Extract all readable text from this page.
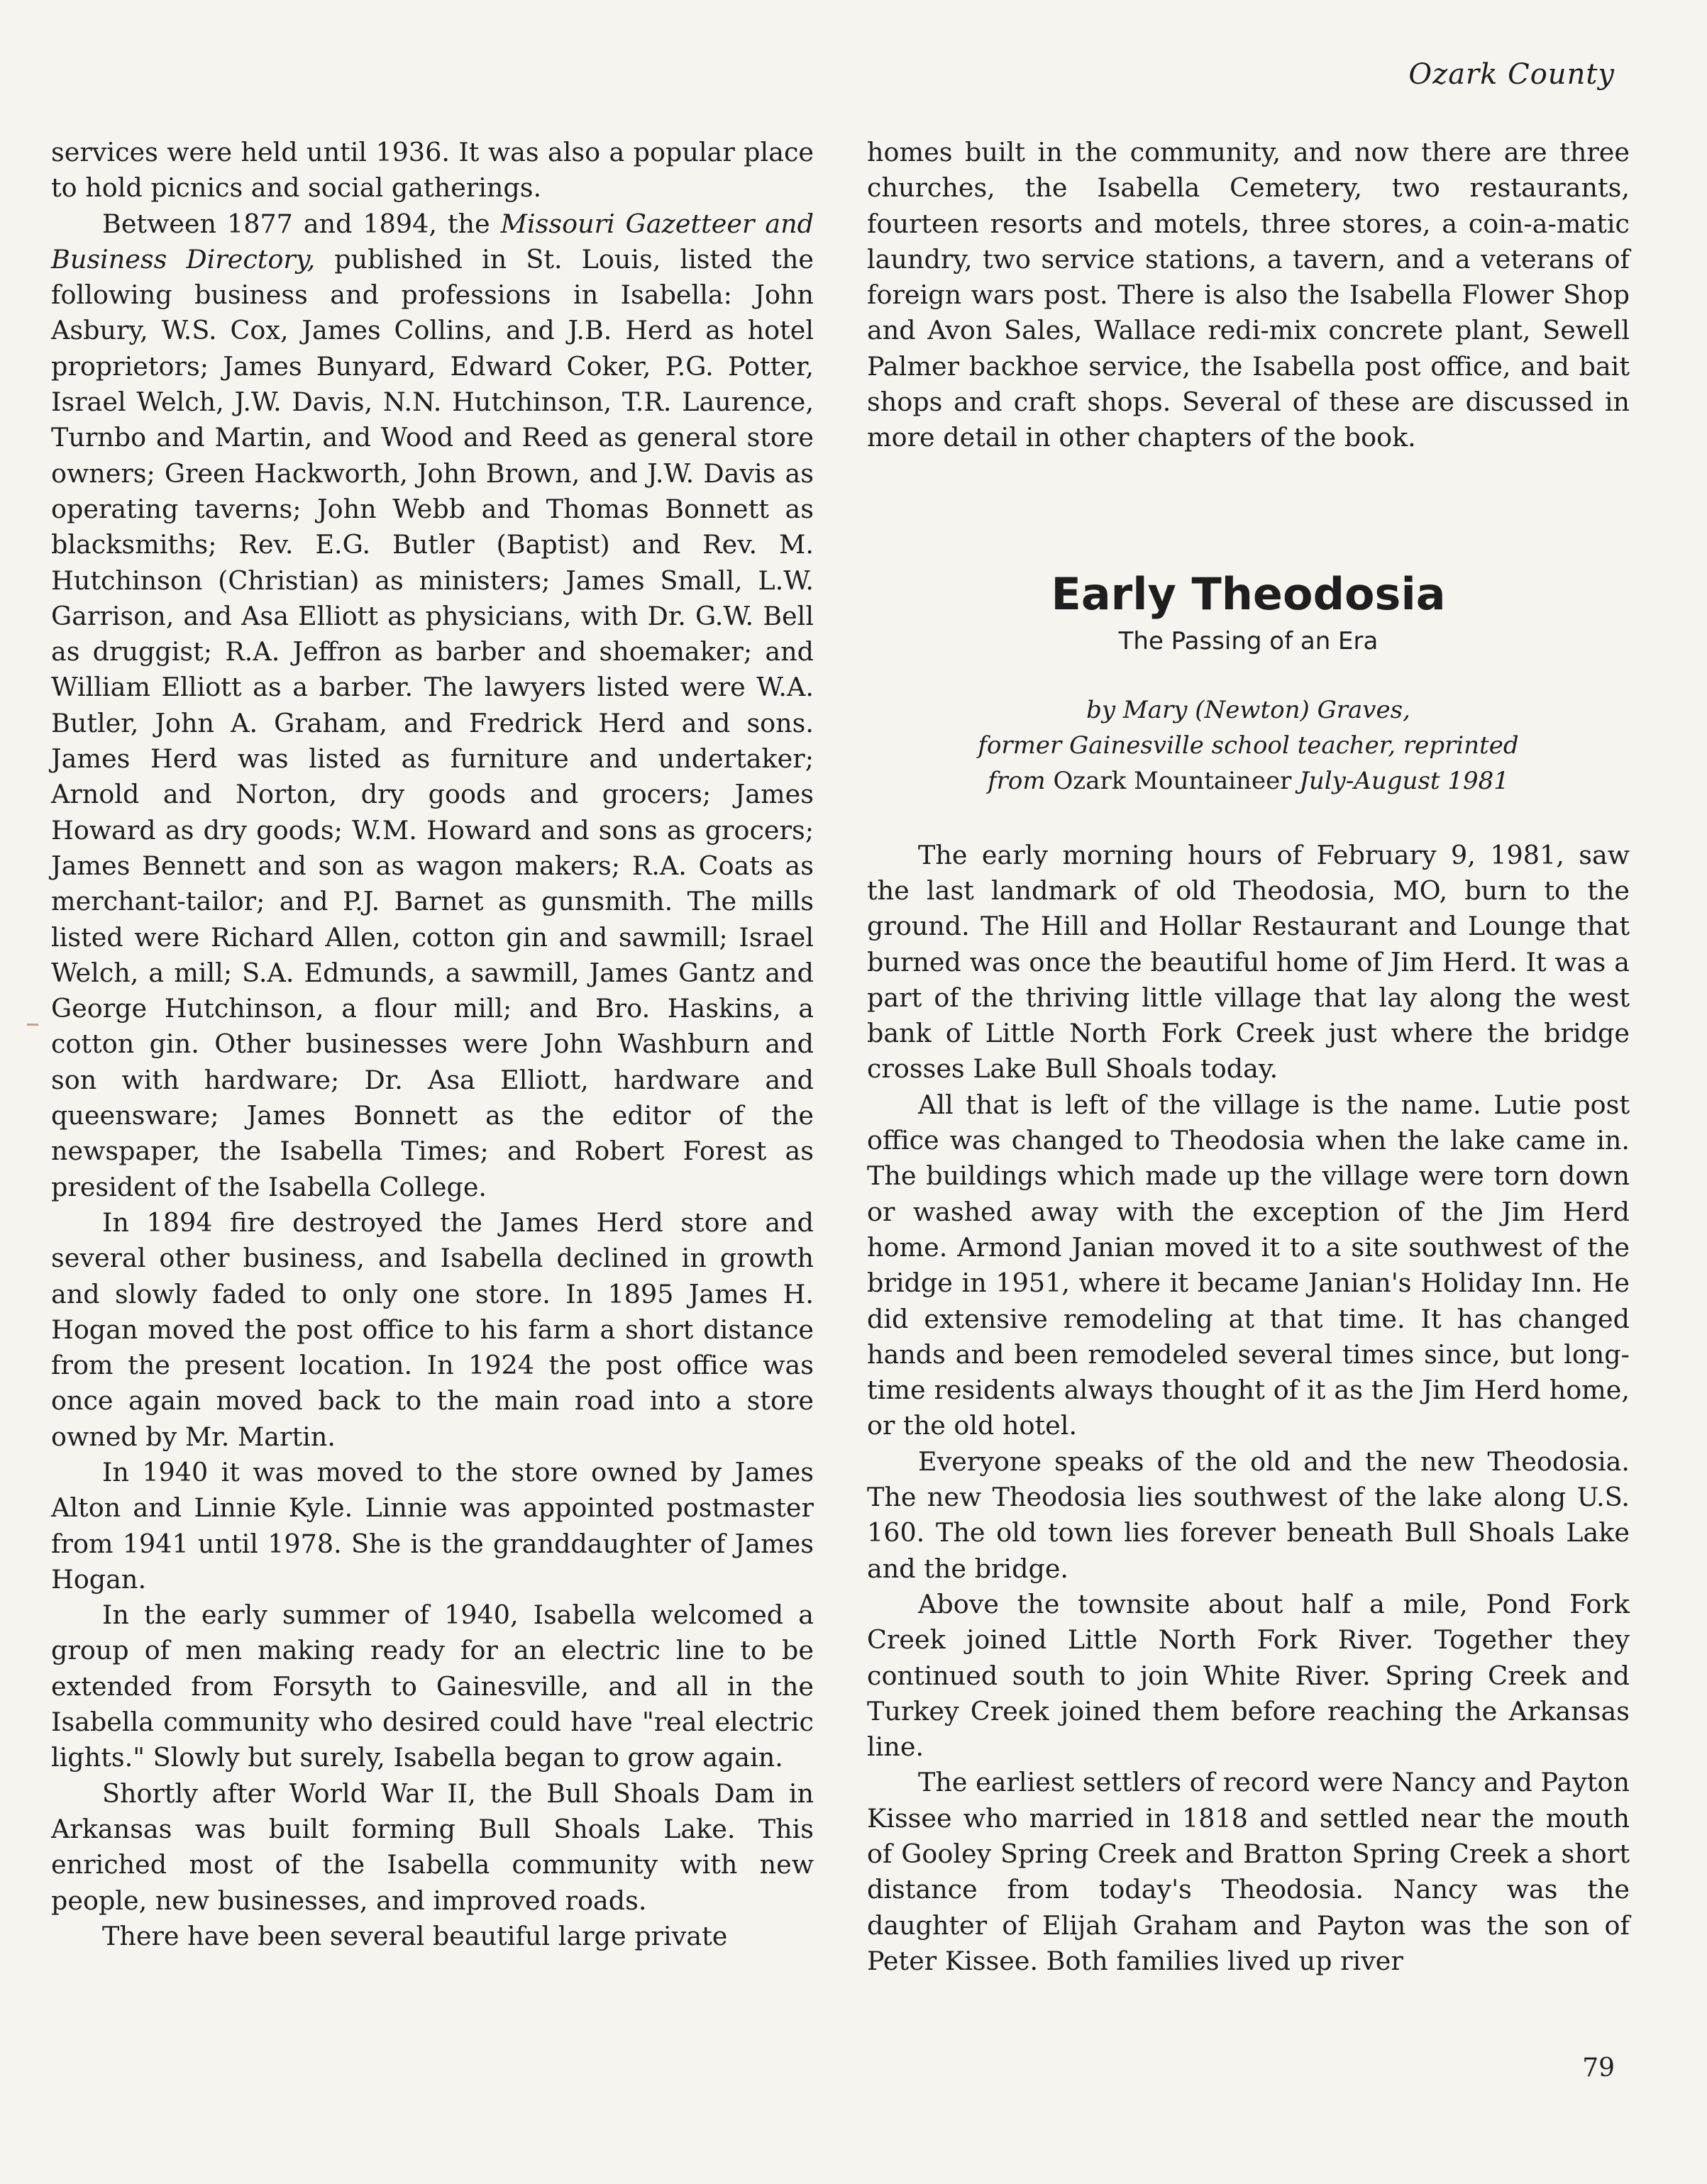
Ozark County

services were held until 1936. It was also a popular place to hold picnics and social gatherings.

Between 1877 and 1894, the Missouri Gazetteer and Business Directory, published in St. Louis, listed the following business and professions in Isabella: John Asbury, W.S. Cox, James Collins, and J.B. Herd as hotel proprietors; James Bunyard, Edward Coker, P.G. Potter, Israel Welch, J.W. Davis, N.N. Hutchinson, T.R. Laurence, Turnbo and Martin, and Wood and Reed as general store owners; Green Hackworth, John Brown, and J.W. Davis as operating taverns; John Webb and Thomas Bonnett as blacksmiths; Rev. E.G. Butler (Baptist) and Rev. M. Hutchinson (Christian) as ministers; James Small, L.W. Garrison, and Asa Elliott as physicians, with Dr. G.W. Bell as druggist; R.A. Jeffron as barber and shoemaker; and William Elliott as a barber. The lawyers listed were W.A. Butler, John A. Graham, and Fredrick Herd and sons. James Herd was listed as furniture and undertaker; Arnold and Norton, dry goods and grocers; James Howard as dry goods; W.M. Howard and sons as grocers; James Bennett and son as wagon makers; R.A. Coats as merchant-tailor; and P.J. Barnet as gunsmith. The mills listed were Richard Allen, cotton gin and sawmill; Israel Welch, a mill; S.A. Edmunds, a sawmill, James Gantz and George Hutchinson, a flour mill; and Bro. Haskins, a cotton gin. Other businesses were John Washburn and son with hardware; Dr. Asa Elliott, hardware and queensware; James Bonnett as the editor of the newspaper, the Isabella Times; and Robert Forest as president of the Isabella College.

In 1894 fire destroyed the James Herd store and several other business, and Isabella declined in growth and slowly faded to only one store. In 1895 James H. Hogan moved the post office to his farm a short distance from the present location. In 1924 the post office was once again moved back to the main road into a store owned by Mr. Martin.

In 1940 it was moved to the store owned by James Alton and Linnie Kyle. Linnie was appointed postmaster from 1941 until 1978. She is the granddaughter of James Hogan.

In the early summer of 1940, Isabella welcomed a group of men making ready for an electric line to be extended from Forsyth to Gainesville, and all in the Isabella community who desired could have "real electric lights." Slowly but surely, Isabella began to grow again.

Shortly after World War II, the Bull Shoals Dam in Arkansas was built forming Bull Shoals Lake. This enriched most of the Isabella community with new people, new businesses, and improved roads.

There have been several beautiful large private

homes built in the community, and now there are three churches, the Isabella Cemetery, two restaurants, fourteen resorts and motels, three stores, a coin-a-matic laundry, two service stations, a tavern, and a veterans of foreign wars post. There is also the Isabella Flower Shop and Avon Sales, Wallace redi-mix concrete plant, Sewell Palmer backhoe service, the Isabella post office, and bait shops and craft shops. Several of these are discussed in more detail in other chapters of the book.

Early Theodosia
The Passing of an Era
by Mary (Newton) Graves,
former Gainesville school teacher, reprinted
from Ozark Mountaineer July-August 1981

The early morning hours of February 9, 1981, saw the last landmark of old Theodosia, MO, burn to the ground. The Hill and Hollar Restaurant and Lounge that burned was once the beautiful home of Jim Herd. It was a part of the thriving little village that lay along the west bank of Little North Fork Creek just where the bridge crosses Lake Bull Shoals today.

All that is left of the village is the name. Lutie post office was changed to Theodosia when the lake came in. The buildings which made up the village were torn down or washed away with the exception of the Jim Herd home. Armond Janian moved it to a site southwest of the bridge in 1951, where it became Janian's Holiday Inn. He did extensive remodeling at that time. It has changed hands and been remodeled several times since, but long-time residents always thought of it as the Jim Herd home, or the old hotel.

Everyone speaks of the old and the new Theodosia. The new Theodosia lies southwest of the lake along U.S. 160. The old town lies forever beneath Bull Shoals Lake and the bridge.

Above the townsite about half a mile, Pond Fork Creek joined Little North Fork River. Together they continued south to join White River. Spring Creek and Turkey Creek joined them before reaching the Arkansas line.

The earliest settlers of record were Nancy and Payton Kissee who married in 1818 and settled near the mouth of Gooley Spring Creek and Bratton Spring Creek a short distance from today's Theodosia. Nancy was the daughter of Elijah Graham and Payton was the son of Peter Kissee. Both families lived up river

79
